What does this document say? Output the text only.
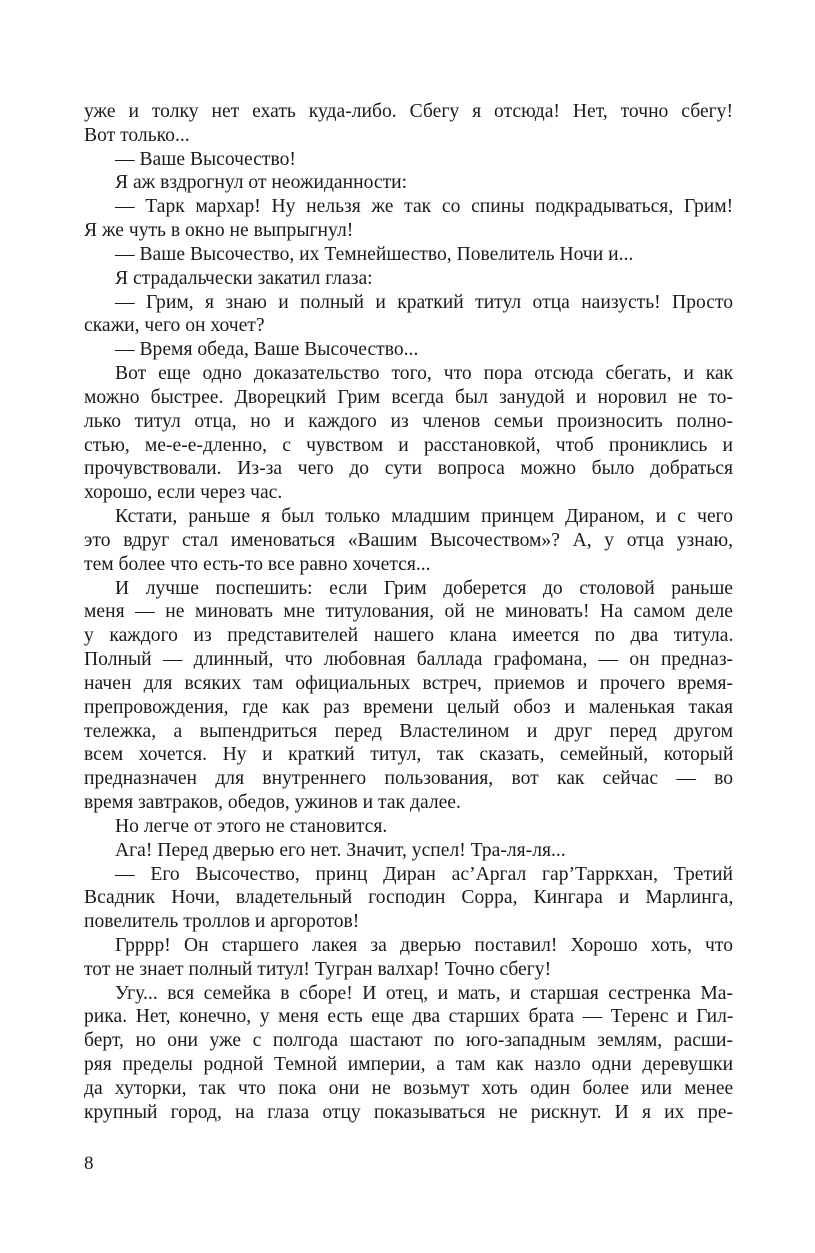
уже и толку нет ехать куда-либо. Сбегу я отсюда! Нет, точно сбегу!
Вот только...
— Ваше Высочество!
Я аж вздрогнул от неожиданности:
— Тарк мархар! Ну нельзя же так со спины подкрадываться, Грим!
Я же чуть в окно не выпрыгнул!
— Ваше Высочество, их Темнейшество, Повелитель Ночи и...
Я страдальчески закатил глаза:
— Грим, я знаю и полный и краткий титул отца наизусть! Просто
скажи, чего он хочет?
— Время обеда, Ваше Высочество...
Вот еще одно доказательство того, что пора отсюда сбегать, и как
можно быстрее. Дворецкий Грим всегда был занудой и норовил не то-
лько титул отца, но и каждого из членов семьи произносить полно-
стью, ме-е-е-дленно, с чувством и расстановкой, чтоб прониклись и
прочувствовали. Из-за чего до сути вопроса можно было добраться
хорошо, если через час.
Кстати, раньше я был только младшим принцем Дираном, и с чего
это вдруг стал именоваться «Вашим Высочеством»? А, у отца узнаю,
тем более что есть-то все равно хочется...
И лучше поспешить: если Грим доберется до столовой раньше
меня — не миновать мне титулования, ой не миновать! На самом деле
у каждого из представителей нашего клана имеется по два титула.
Полный — длинный, что любовная баллада графомана, — он предназ-
начен для всяких там официальных встреч, приемов и прочего время-
препровождения, где как раз времени целый обоз и маленькая такая
тележка, а выпендриться перед Властелином и друг перед другом
всем хочется. Ну и краткий титул, так сказать, семейный, который
предназначен для внутреннего пользования, вот как сейчас — во
время завтраков, обедов, ужинов и так далее.
Но легче от этого не становится.
Ага! Перед дверью его нет. Значит, успел! Тра-ля-ля...
— Его Высочество, принц Диран ас’Аргал гар’Тарркхан, Третий
Всадник Ночи, владетельный господин Сорра, Кингара и Марлинга,
повелитель троллов и аргоротов!
Грррр! Он старшего лакея за дверью поставил! Хорошо хоть, что
тот не знает полный титул! Тугран валхар! Точно сбегу!
Угу... вся семейка в сборе! И отец, и мать, и старшая сестренка Ма-
рика. Нет, конечно, у меня есть еще два старших брата — Теренс и Гил-
берт, но они уже с полгода шастают по юго-западным землям, расши-
ряя пределы родной Темной империи, а там как назло одни деревушки
да хуторки, так что пока они не возьмут хоть один более или менее
крупный город, на глаза отцу показываться не рискнут. И я их пре-
8
